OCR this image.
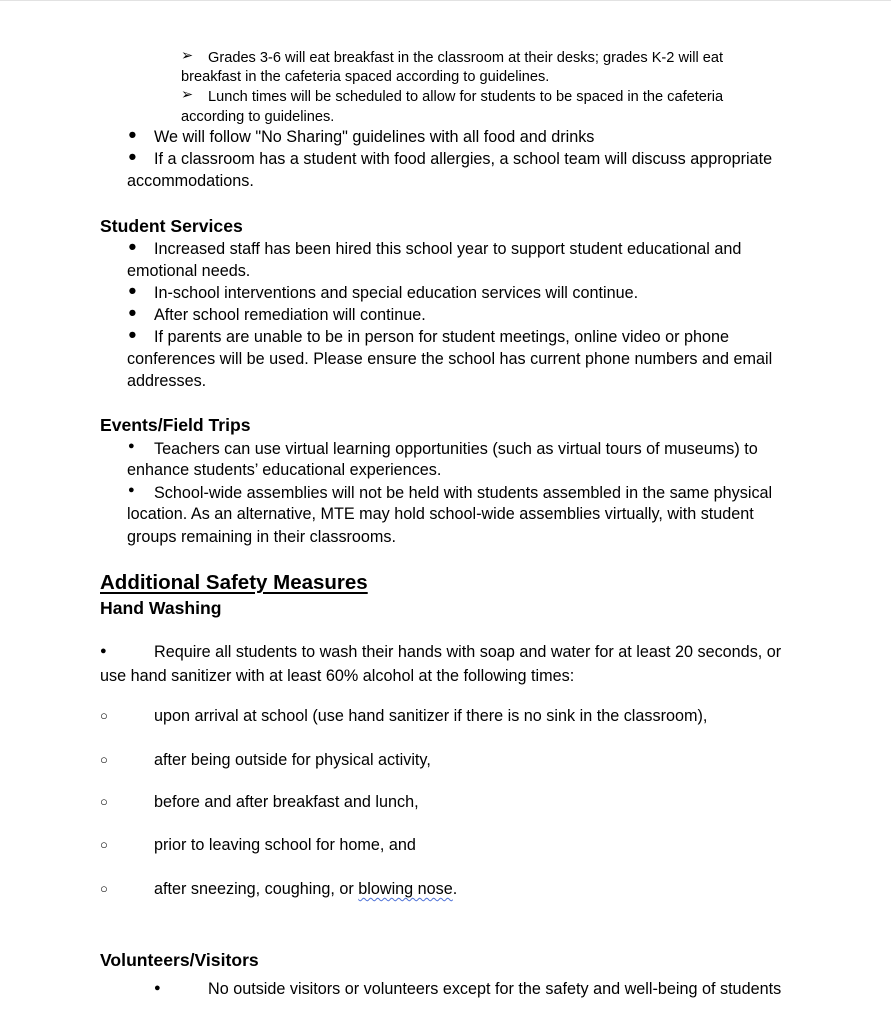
➢ Grades 3-6 will eat breakfast in the classroom at their desks; grades K-2 will eat
breakfast in the cafeteria spaced according to guidelines.
➢ Lunch times will be scheduled to allow for students to be spaced in the cafeteria
according to guidelines.
● We will follow "No Sharing" guidelines with all food and drinks
● If a classroom has a student with food allergies, a school team will discuss appropriate
accommodations.
Student Services
● Increased staff has been hired this school year to support student educational and
emotional needs.
● In-school interventions and special education services will continue.
● After school remediation will continue.
● If parents are unable to be in person for student meetings, online video or phone
conferences will be used. Please ensure the school has current phone numbers and email
addresses.
Events/Field Trips
● Teachers can use virtual learning opportunities (such as virtual tours of museums) to
enhance students’ educational experiences.
● School-wide assemblies will not be held with students assembled in the same physical
location. As an alternative, MTE may hold school-wide assemblies virtually, with student
groups remaining in their classrooms.
Additional Safety Measures
Hand Washing
●	Require all students to wash their hands with soap and water for at least 20 seconds, or
use hand sanitizer with at least 60% alcohol at the following times:
○	upon arrival at school (use hand sanitizer if there is no sink in the classroom),
○	after being outside for physical activity,
○	before and after breakfast and lunch,
○	prior to leaving school for home, and
○	after sneezing, coughing, or blowing nose.
Volunteers/Visitors
●	No outside visitors or volunteers except for the safety and well-being of students
